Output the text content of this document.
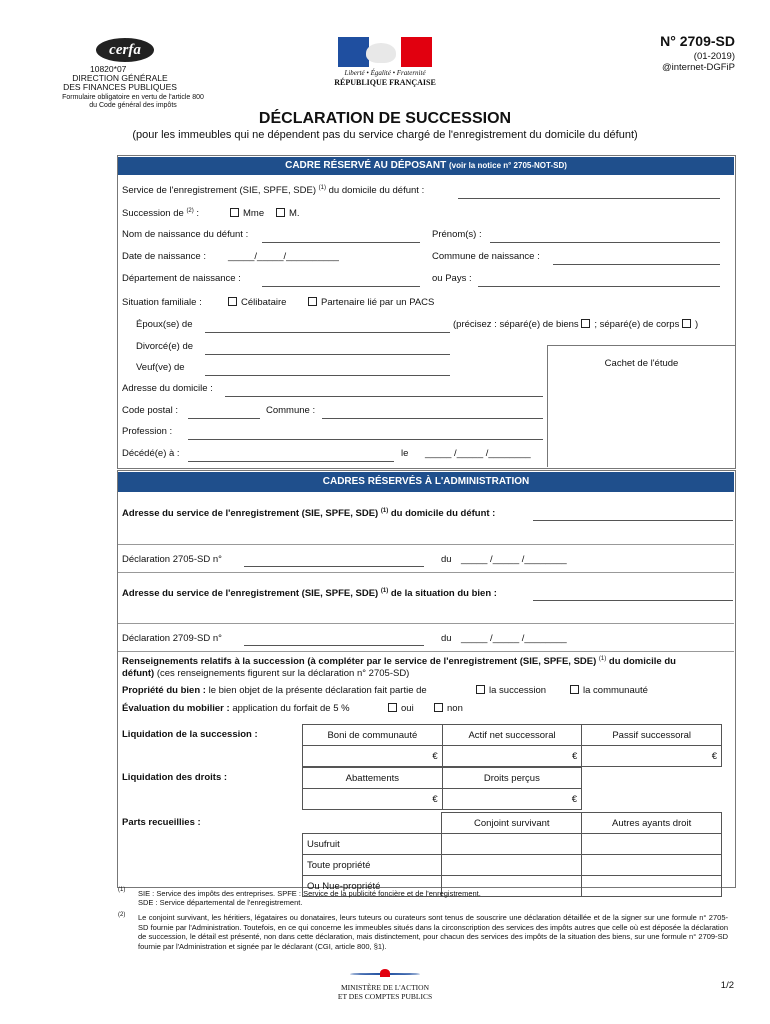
cerfa
10820*07
DIRECTION GÉNÉRALE
DES FINANCES PUBLIQUES
Formulaire obligatoire en vertu de l'article 800
du Code général des impôts
Liberté • Égalité • Fraternité
RÉPUBLIQUE FRANÇAISE
N° 2709-SD
(01-2019)
@internet-DGFiP
DÉCLARATION DE SUCCESSION
(pour les immeubles qui ne dépendent pas du service chargé de l'enregistrement du domicile du défunt)
CADRE RÉSERVÉ AU DÉPOSANT (voir la notice n° 2705-NOT-SD)
Service de l'enregistrement (SIE, SPFE, SDE) $^{(1)}$ du domicile du défunt :
Succession de $^{(2)}$ :	Mme	M.
Nom de naissance du défunt :	Prénom(s) :
Date de naissance : _____/_____/__________	Commune de naissance :
Département de naissance :	ou Pays :
Situation familiale :	Célibataire	Partenaire lié par un PACS
Époux(se) de	(précisez : séparé(e) de biens ; séparé(e) de corps )
Divorcé(e) de
Veuf(ve) de	Cachet de l'étude
Adresse du domicile :
Code postal :	Commune :
Profession :
Décédé(e) à :	le _____ /_____ /________
CADRES RÉSERVÉS À L'ADMINISTRATION
Adresse du service de l'enregistrement (SIE, SPFE, SDE) $^{(1)}$ du domicile du défunt :
Déclaration 2705-SD n°	du _____ /_____ /________
Adresse du service de l'enregistrement (SIE, SPFE, SDE) $^{(1)}$ de la situation du bien :
Déclaration 2709-SD n°	du _____ /_____ /________
Renseignements relatifs à la succession (à compléter par le service de l'enregistrement (SIE, SPFE, SDE) $^{(1)}$ du domicile du
défunt) (ces renseignements figurent sur la déclaration n° 2705-SD)
Propriété du bien : le bien objet de la présente déclaration fait partie de	la succession	la communauté
Évaluation du mobilier : application du forfait de 5 %	oui	non
Liquidation de la succession :	Boni de communauté	Actif net successoral	Passif successoral
€	€	€
Liquidation des droits :	Abattements	Droits perçus
€	€
Parts recueillies :
		Conjoint survivant	Autres ayants droit
Usufruit		
Toute propriété		
Ou Nue-propriété		
(1) SIE : Service des impôts des entreprises. SPFE : Service de la publicité foncière et de l'enregistrement.
SDE : Service départemental de l'enregistrement.
(2) Le conjoint survivant, les héritiers, légataires ou donataires, leurs tuteurs ou curateurs sont tenus de souscrire une déclaration détaillée et de la signer sur une formule n° 2705-SD fournie par l'Administration. Toutefois, en ce qui concerne les immeubles situés dans la circonscription des services des impôts autres que celle où est déposée la déclaration de succession, le détail est présenté, non dans cette déclaration, mais distinctement, pour chacun des services des impôts de la situation des biens, sur une formule n° 2709-SD fournie par l'Administration et signée par le déclarant (CGI, article 800, §1).
MINISTÈRE DE L'ACTION
ET DES COMPTES PUBLICS
1/2
